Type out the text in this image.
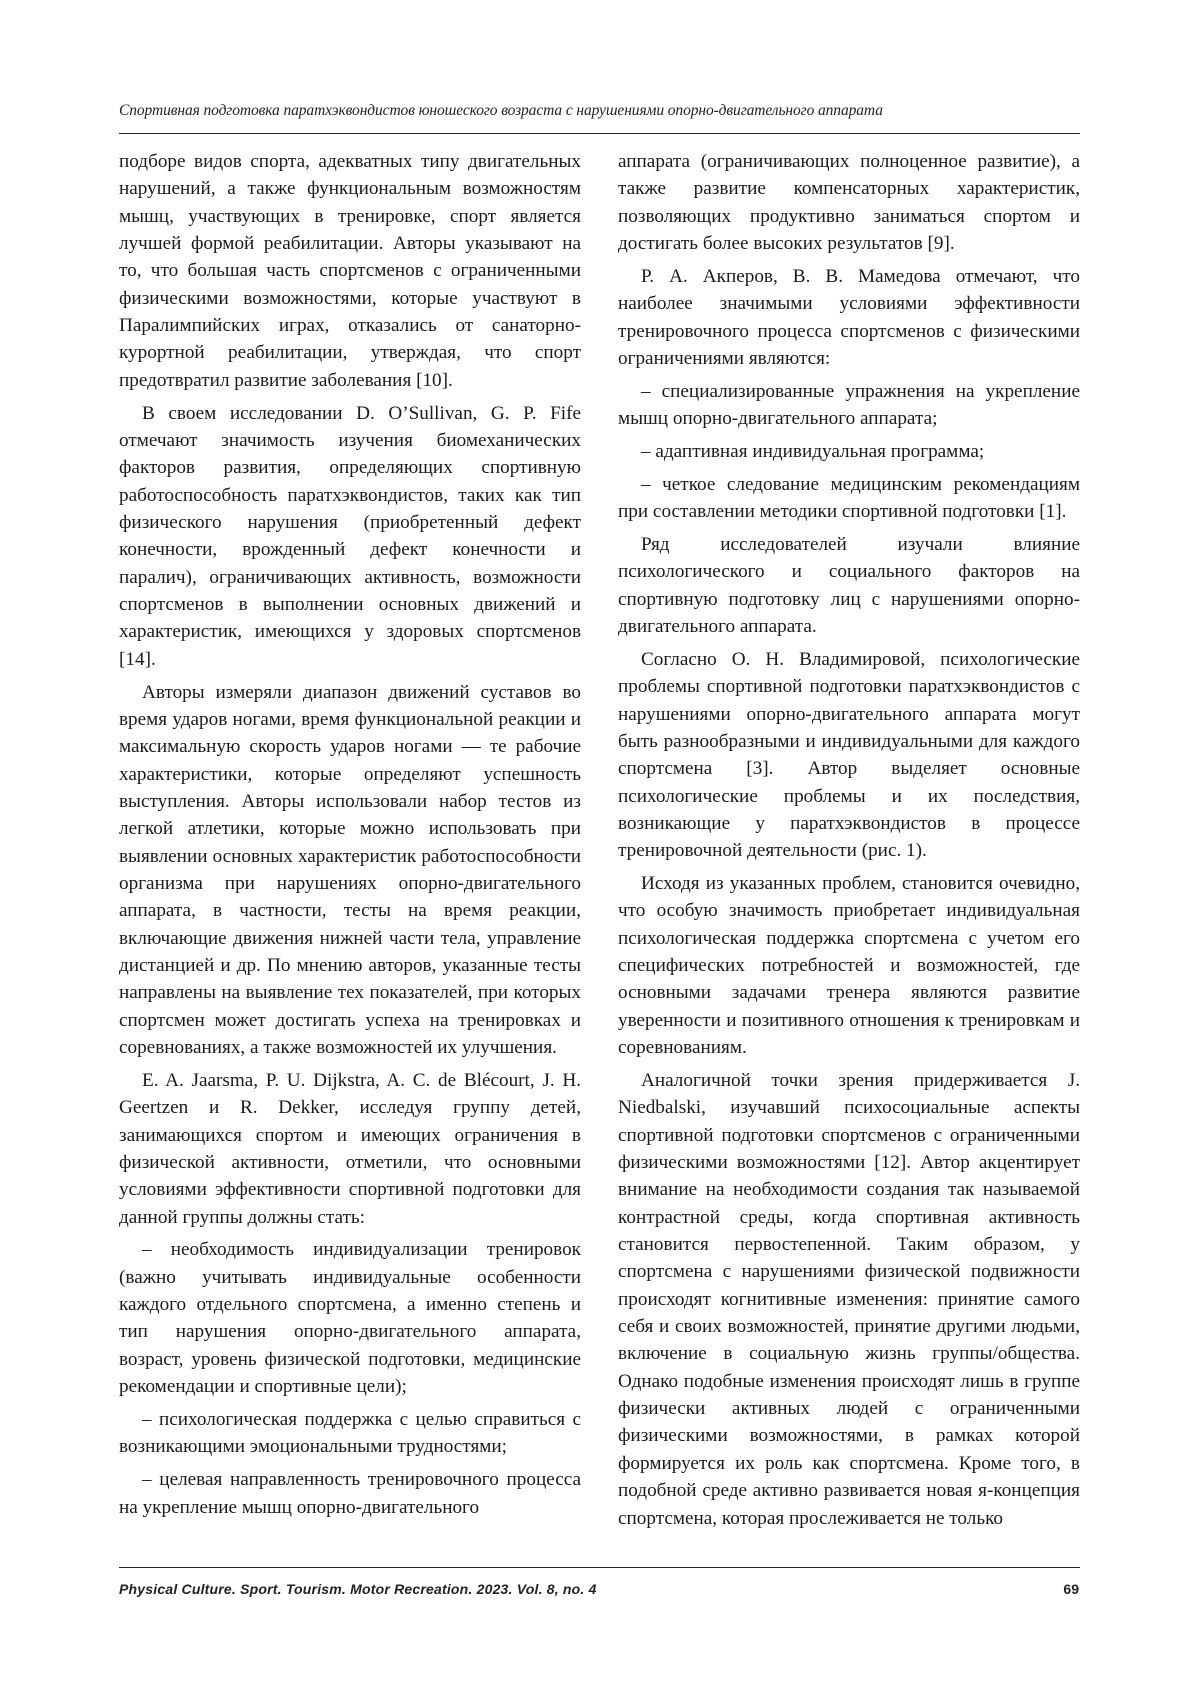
Спортивная подготовка паратхэквондистов юношеского возраста с нарушениями опорно-двигательного аппарата

подборе видов спорта, адекватных типу двигательных нарушений, а также функциональным возможностям мышц, участвующих в тренировке, спорт является лучшей формой реабилитации. Авторы указывают на то, что большая часть спортсменов с ограниченными физическими возможностями, которые участвуют в Паралимпийских играх, отказались от санаторно-курортной реабилитации, утверждая, что спорт предотвратил развитие заболевания [10].

В своем исследовании D. O’Sullivan, G. P. Fife отмечают значимость изучения биомеханических факторов развития, определяющих спортивную работоспособность паратхэквондистов, таких как тип физического нарушения (приобретенный дефект конечности, врожденный дефект конечности и паралич), ограничивающих активность, возможности спортсменов в выполнении основных движений и характеристик, имеющихся у здоровых спортсменов [14].

Авторы измеряли диапазон движений суставов во время ударов ногами, время функциональной реакции и максимальную скорость ударов ногами — те рабочие характеристики, которые определяют успешность выступления. Авторы использовали набор тестов из легкой атлетики, которые можно использовать при выявлении основных характеристик работоспособности организма при нарушениях опорно-двигательного аппарата, в частности, тесты на время реакции, включающие движения нижней части тела, управление дистанцией и др. По мнению авторов, указанные тесты направлены на выявление тех показателей, при которых спортсмен может достигать успеха на тренировках и соревнованиях, а также возможностей их улучшения.

E. A. Jaarsma, P. U. Dijkstra, A. C. de Blécourt, J. H. Geertzen и R. Dekker, исследуя группу детей, занимающихся спортом и имеющих ограничения в физической активности, отметили, что основными условиями эффективности спортивной подготовки для данной группы должны стать:

– необходимость индивидуализации тренировок (важно учитывать индивидуальные особенности каждого отдельного спортсмена, а именно степень и тип нарушения опорно-двигательного аппарата, возраст, уровень физической подготовки, медицинские рекомендации и спортивные цели);

– психологическая поддержка с целью справиться с возникающими эмоциональными трудностями;

– целевая направленность тренировочного процесса на укрепление мышц опорно-двигательного

аппарата (ограничивающих полноценное развитие), а также развитие компенсаторных характеристик, позволяющих продуктивно заниматься спортом и достигать более высоких результатов [9].

Р. А. Акперов, В. В. Мамедова отмечают, что наиболее значимыми условиями эффективности тренировочного процесса спортсменов с физическими ограничениями являются:

– специализированные упражнения на укрепление мышц опорно-двигательного аппарата;

– адаптивная индивидуальная программа;

– четкое следование медицинским рекомендациям при составлении методики спортивной подготовки [1].

Ряд исследователей изучали влияние психологического и социального факторов на спортивную подготовку лиц с нарушениями опорно-двигательного аппарата.

Согласно О. Н. Владимировой, психологические проблемы спортивной подготовки паратхэквондистов с нарушениями опорно-двигательного аппарата могут быть разнообразными и индивидуальными для каждого спортсмена [3]. Автор выделяет основные психологические проблемы и их последствия, возникающие у паратхэквондистов в процессе тренировочной деятельности (рис. 1).

Исходя из указанных проблем, становится очевидно, что особую значимость приобретает индивидуальная психологическая поддержка спортсмена с учетом его специфических потребностей и возможностей, где основными задачами тренера являются развитие уверенности и позитивного отношения к тренировкам и соревнованиям.

Аналогичной точки зрения придерживается J. Niedbalski, изучавший психосоциальные аспекты спортивной подготовки спортсменов с ограниченными физическими возможностями [12]. Автор акцентирует внимание на необходимости создания так называемой контрастной среды, когда спортивная активность становится первостепенной. Таким образом, у спортсмена с нарушениями физической подвижности происходят когнитивные изменения: принятие самого себя и своих возможностей, принятие другими людьми, включение в социальную жизнь группы/общества. Однако подобные изменения происходят лишь в группе физически активных людей с ограниченными физическими возможностями, в рамках которой формируется их роль как спортсмена. Кроме того, в подобной среде активно развивается новая я-концепция спортсмена, которая прослеживается не только

Physical Culture. Sport. Tourism. Motor Recreation. 2023. Vol. 8, no. 4	69
